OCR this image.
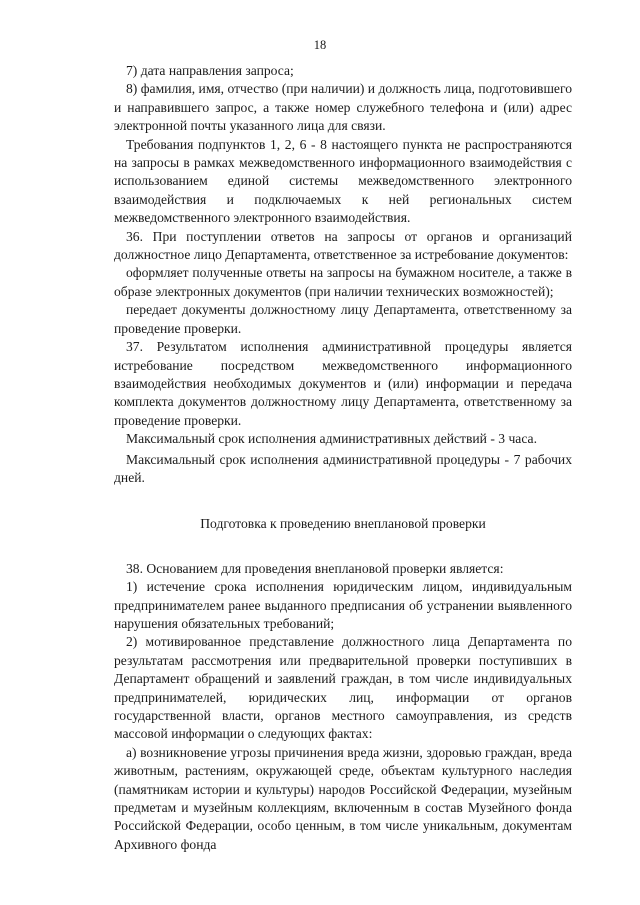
18

7) дата направления запроса;

8) фамилия, имя, отчество (при наличии) и должность лица, подготовившего и направившего запрос, а также номер служебного телефона и (или) адрес электронной почты указанного лица для связи.

Требования подпунктов 1, 2, 6 - 8 настоящего пункта не распространяются на запросы в рамках межведомственного информационного взаимодействия с использованием единой системы межведомственного электронного взаимодействия и подключаемых к ней региональных систем межведомственного электронного взаимодействия.

36. При поступлении ответов на запросы от органов и организаций должностное лицо Департамента, ответственное за истребование документов:

оформляет полученные ответы на запросы на бумажном носителе, а также в образе электронных документов (при наличии технических возможностей);

передает документы должностному лицу Департамента, ответственному за проведение проверки.

37. Результатом исполнения административной процедуры является истребование посредством межведомственного информационного взаимодействия необходимых документов и (или) информации и передача комплекта документов должностному лицу Департамента, ответственному за проведение проверки.

Максимальный срок исполнения административных действий - 3 часа.

Максимальный срок исполнения административной процедуры - 7 рабочих дней.

Подготовка к проведению внеплановой проверки

38. Основанием для проведения внеплановой проверки является:

1) истечение срока исполнения юридическим лицом, индивидуальным предпринимателем ранее выданного предписания об устранении выявленного нарушения обязательных требований;

2) мотивированное представление должностного лица Департамента по результатам рассмотрения или предварительной проверки поступивших в Департамент обращений и заявлений граждан, в том числе индивидуальных предпринимателей, юридических лиц, информации от органов государственной власти, органов местного самоуправления, из средств массовой информации о следующих фактах:

а) возникновение угрозы причинения вреда жизни, здоровью граждан, вреда животным, растениям, окружающей среде, объектам культурного наследия (памятникам истории и культуры) народов Российской Федерации, музейным предметам и музейным коллекциям, включенным в состав Музейного фонда Российской Федерации, особо ценным, в том числе уникальным, документам Архивного фонда
